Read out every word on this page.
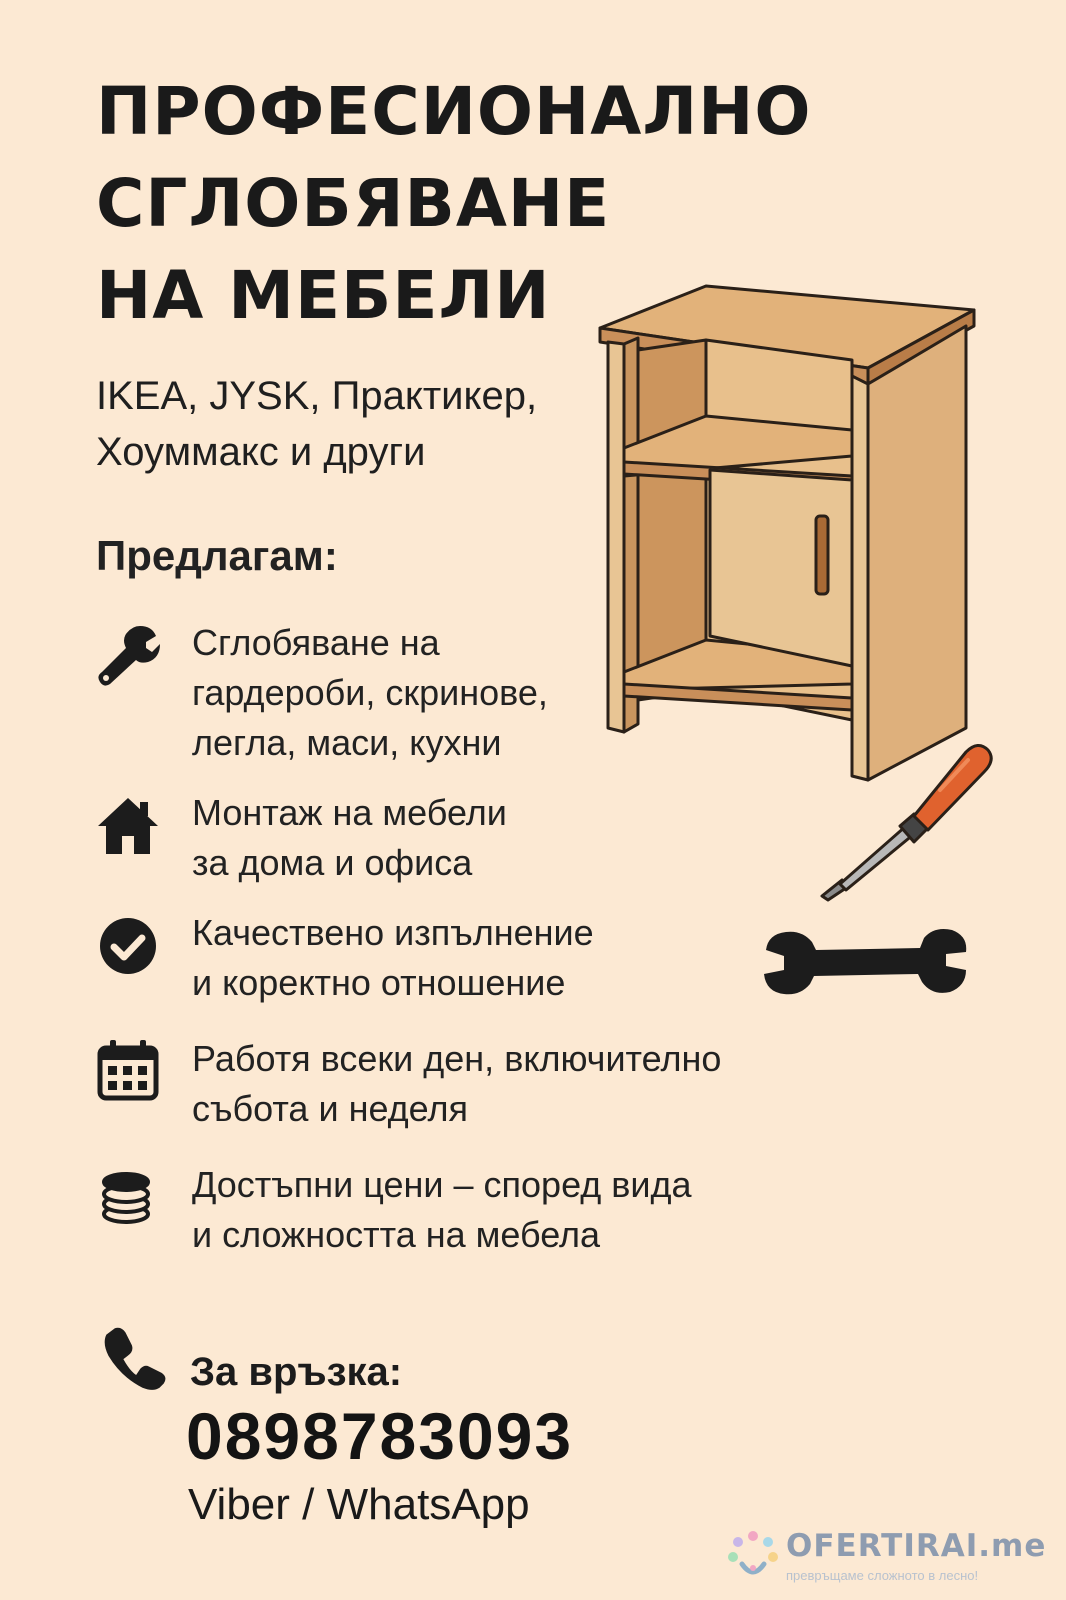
ПРОФЕСИОНАЛНО
СГЛОБЯВАНЕ
НА МЕБЕЛИ
IKEA, JYSK, Практикер,
Хоуммакс и други
Предлагам:
Сглобяване на
гардероби, скринове,
легла, маси, кухни
Монтаж на мебели
за дома и офиса
Качествено изпълнение
и коректно отношение
Работя всеки ден, включително
събота и неделя
Достъпни цени – според вида
и сложността на мебела
За връзка:
0898783093
Viber / WhatsApp
OFERTIRAI.me
превръщаме сложното в лесно!
